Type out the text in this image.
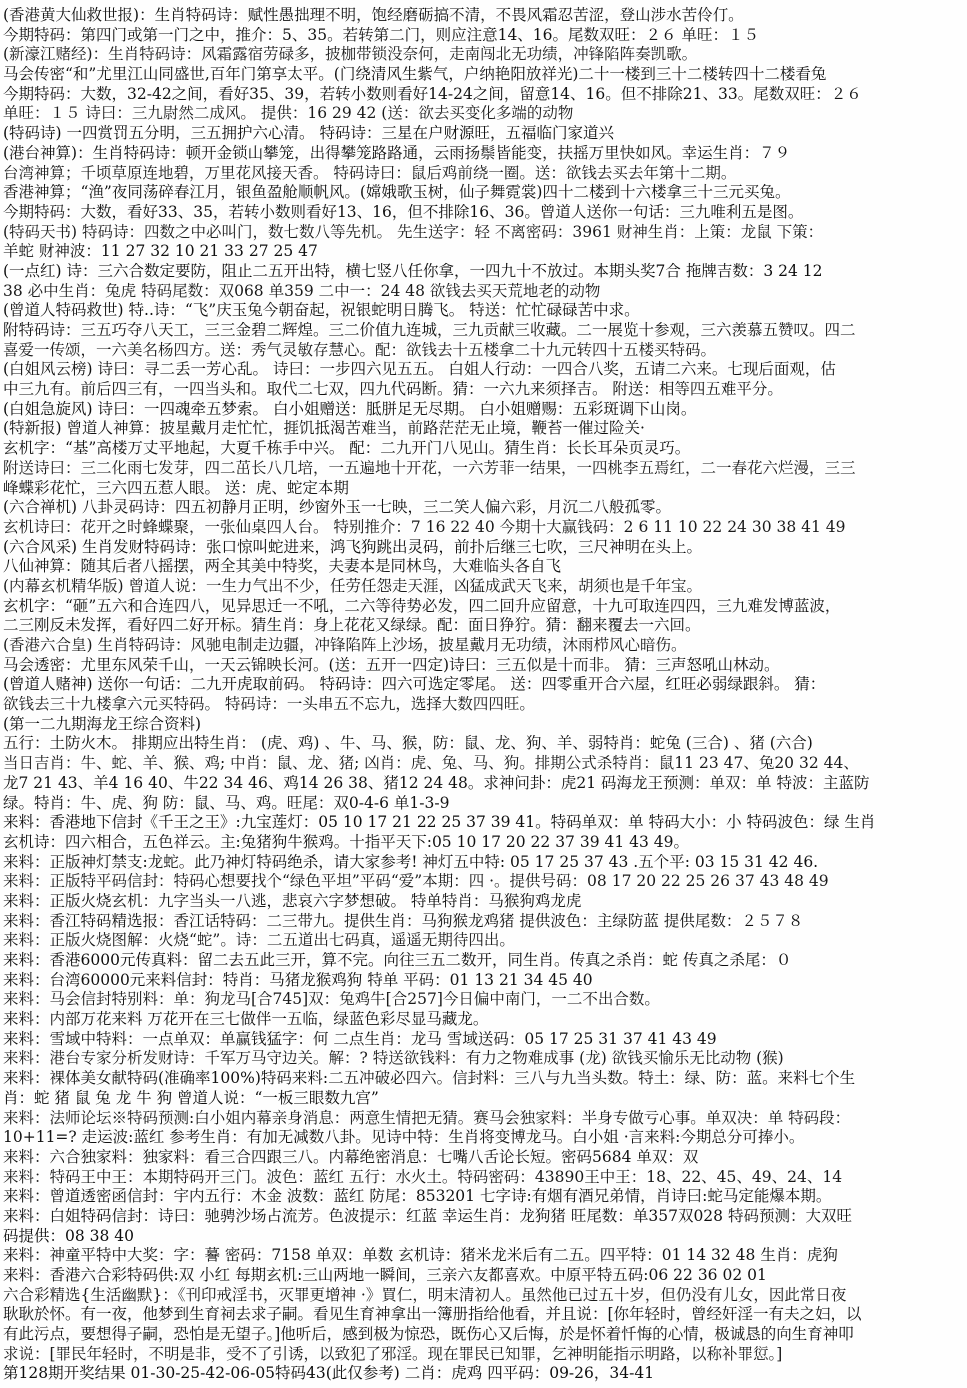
(香港黄大仙救世报)：生肖特码诗：赋性愚拙理不明，饱经磨砺搞不清，不畏风霜忍苦涩，登山涉水苦伶仃。
今期特码：第四门或第一门之中，推介：5、35。若转第二门，则应注意14、16。尾数双旺：２６ 单旺：１５
(新濠江赌经)：生肖特码诗：风霜露宿劳碌多，披枷带锁没奈何，走南闯北无功绩，冲锋陷阵奏凯歌。
马会传密“和”尤里江山同盛世,百年门第享太平。(门绕清风生紫气，户纳艳阳放祥光)二十一楼到三十二楼转四十二楼看兔
今期特码：大数，32-42之间，看好35、39，若转小数则看好14-24之间，留意14、16。但不排除21、33。尾数双旺：２６
单旺：１５ 诗曰：三九尉然二成风。 提供：16 29 42 (送：欲去买变化多端的动物
(特码诗) 一四赏罚五分明，三五拥护六心清。 特码诗：三星在户财源旺，五福临门家道兴
(港台神算)：生肖特码诗：顿开金锁山攀笼，出得攀笼路路通，云雨扬鬃皆能变，扶摇万里快如风。幸运生肖：７９
台湾神算；千顷草原连地碧，万里花风接天香。 特码诗曰：鼠后鸡前绕一圈。送：欲钱去买去年第十二期。
香港神算；“渔”夜同荡碎春江月，银鱼盈舱顺帆风。(嫦娥歌玉树，仙子舞霓裳)四十二楼到十六楼拿三十三元买兔。
今期特码：大数，看好33、35，若转小数则看好13、16，但不排除16、36。曾道人送你一句话：三九唯利五是图。
(特码天书) 特码诗：四数之中必叫门，数七数八等先机。 先生送字：轻 不离密码：3961 财神生肖：上策：龙鼠 下策：
羊蛇 财神波：11 27 32 10 21 33 27 25 47
(一点红) 诗：三六合数定要防，阻止二五开出特，横七竖八任你拿，一四九十不放过。本期头奖7合 拖牌吉数：3 24 12
38 必中生肖：兔虎 特码尾数：双068 单359 二中一：24 48 欲钱去买天荒地老的动物
(曾道人特码救世) 特..诗：“飞”庆玉兔今朝奋起，祝银蛇明日腾飞。 特送：忙忙碌碌苦中求。
附特码诗：三五巧夺八天工，三三金碧二辉煌。三二价值九连城，三九贡献三收藏。二一展览十参观，三六羡慕五赞叹。四二
喜爱一传颂，一六美名杨四方。送：秀气灵敏存慧心。配：欲钱去十五楼拿二十九元转四十五楼买特码。
(白姐风云榜) 诗曰：寻二丢一芳心乱。 诗曰：一步四六见五五。 白姐人行动：一四合八奖，五请二六来。七现后面观，估
中三九有。前后四三有，一四当头和。取代二七双，四九代码断。猜：一六九来须择吉。 附送：相等四五难平分。
(白姐急旋风) 诗曰：一四魂牵五梦索。 白小姐赠送：胝胼足无尽期。 白小姐赠赐：五彩斑调下山岗。
(特新报) 曾道人神算：披星戴月走忙忙，捱饥抵渴苦难当，前路茫茫无止境，鞭苔一催过险关·
玄机字：“基”高楼万丈平地起，大夏千栋手中兴。 配：二九开门八见山。猜生肖：长长耳朵页灵巧。
附送诗曰：三二化雨七发芽，四二茁长八几培，一五遍地十开花，一六芳菲一结果，一四桃李五焉红，二一春花六烂漫，三三
峰蝶彩花忙，三六四五惹人眼。 送：虎、蛇定本期
(六合禅机) 八卦灵码诗：四五初静月正明，纱窗外玉一七映，三二笑人偏六彩，月沉二八般孤零。
玄机诗曰：花开之时蜂蝶聚，一张仙桌四人台。 特别推介：7 16 22 40 今期十大赢钱码：2 6 11 10 22 24 30 38 41 49
(六合风采) 生肖发财特码诗：张口惊叫蛇进来，鸿飞狗跳出灵码，前扑后继三七吹，三尺神明在头上。
八仙神算：随其后者八摇摆，两全其美中特奖，夫妻本是同林鸟，大难临头各自飞
(内幕玄机精华版) 曾道人说：一生力气出不少，任劳任怨走天涯，凶猛成武天飞来，胡须也是千年宝。
玄机字：“砸”五六和合连四八，见异思迁一不吼，二六等待势必发，四二回升应留意，十九可取连四四，三九难发博蓝波，
二三刚反未发挥，看好四二好开标。猜生肖：身上花花又绿绿。配：面日狰狞。猜：翻来覆去一六回。
(香港六合皇) 生肖特码诗：风驰电制走边疆，冲锋陷阵上沙场，披星戴月无功绩，沐雨栉风心暗伤。
马会透密：尤里东风荣千山，一天云锦映长河。(送：五开一四定)诗曰：三五似是十而非。 猜：三声怒吼山林动。
(曾道人赌神) 送你一句话：二九开虎取前码。 特码诗：四六可选定零尾。 送：四零重开合六屋，红旺必弱绿跟斜。 猜：
欲钱去三十九楼拿六元买特码。 特码诗：一头串五不忘九，选择大数四四旺。
(第一二九期海龙王综合资料)
五行：土防火木。 排期应出特生肖： (虎、鸡) 、牛、马、猴，防：鼠、龙、狗、羊、弱特肖：蛇兔 (三合) 、猪 (六合)
当日吉肖：牛、蛇、羊、猴、鸡; 中肖：鼠、龙、猪; 凶肖：虎、兔、马、狗。排期公式杀特肖：鼠11 23 47、兔20 32 44、
龙7 21 43、羊4 16 40、牛22 34 46、鸡14 26 38、猪12 24 48。求神问卦：虎21 码海龙王预测：单双：单 特波：主蓝防
绿。特肖：牛、虎、狗 防：鼠、马、鸡。旺尾：双0-4-6 单1-3-9
来料：香港地下信封《千王之王》:九宝莲灯：05 10 17 21 22 25 37 39 41。特码单双：单 特码大小：小 特码波色：绿 生肖
玄机诗：四六相合，五色祥云。主:兔猪狗牛猴鸡。十指平天下:05 10 17 20 22 37 39 41 43 49。
来料：正版神灯禁支:龙蛇。此乃神灯特码绝杀，请大家参考! 神灯五中特: 05 17 25 37 43 .五个平: 03 15 31 42 46.
来料：正版特平码信封：特码心想要找个“绿色平坦”平码“爱”本期：四 ·。提供号码：08 17 20 22 25 26 37 43 48 49
来料：正版火烧玄机：九字当头一八逃，悲哀六字梦想破。 特单特肖：马猴狗鸡龙虎
来料：香江特码精选报：香江话特码：二三带九。提供生肖：马狗猴龙鸡猪 提供波色：主绿防蓝 提供尾数：２５７８
来料：正版火烧图解：火烧“蛇”。诗：二五道出七码真，遥遥无期待四出。
来料：香港6000元传真料：留二去五此三开，算不完。向往三五二数开，同生肖。传真之杀肖：蛇 传真之杀尾：０
来料：台湾60000元来料信封：特肖：马猪龙猴鸡狗 特单 平码：01 13 21 34 45 40
来料：马会信封特别料：单：狗龙马[合745]双：兔鸡牛[合257]今日偏中南门，一二不出合数。
来料：内部万花来料 万花开在三七做伴一五临，绿蓝色彩尽显马藏龙。
来料：雪域中特料：一点单双：单赢钱猛字：何 二点生肖：龙马 雪域送码：05 17 25 31 37 41 43 49
来料：港台专家分析发财诗：千军万马守边关。解：? 特送欲钱料：有力之物难成事 (龙) 欲钱买愉乐无比动物 (猴)
来料：裸体美女献特码(准确率100%)特码来料:二五冲破必四六。信封料：三八与九当头数。特土：绿、防：蓝。来料七个生
肖：蛇 猪 鼠 兔 龙 牛 狗 曾道人说：“一板三眼数九宫”
来料：法师论坛※特码预测:白小姐内幕亲身消息：两意生情把无猜。赛马会独家料：半身专做亏心事。单双决：单 特码段：
10+11=? 走运波:蓝红 参考生肖：有加无减数八卦。见诗中特：生肖将变博龙马。白小姐 ·言来料:今期总分可捧小。
来料：六合独家料：独家料：看三合四跟三八。内幕绝密消息：七嘴八舌论长短。密码5684 单双：双
来料：特码王中王：本期特码开三门。波色：蓝红 五行：水火土。特码密码：43890王中王：18、22、45、49、24、14
来料：曾道透密函信封：宇内五行：木金 波数：蓝红 防尾：853201 七字诗:有烟有酒兄弟情，肖诗曰:蛇马定能爆本期。
来料：白姐特码信封：诗曰：驰骋沙场占流芳。色波提示：红蓝 幸运生肖：龙狗猪 旺尾数：单357双028 特码预测：大双旺
码提供：08 38 40
来料：神童平特中大奖：字：謩 密码：7158 单双：单数 玄机诗：猪米龙米后有二五。四平特：01 14 32 48 生肖：虎狗
来料：香港六合彩特码供:双 小红 每期玄机:三山两地一瞬间，三亲六友都喜欢。中原平特五码:06 22 36 02 01
六合彩精选{生活幽默}：《刊印戒淫书，灭罪更增神 ·》買仁，明末清初人。虽然他已过五十岁，但仍没有儿女，因此常日夜
耿耿於怀。有一夜，他梦到生育祠去求子嗣。看见生育神拿出一簿册指给他看，并且说：[你年轻时，曾经奸淫一有夫之妇，以
有此污点，要想得子嗣，恐怕是无望子。]他听后，感到极为惊恐，既伤心又后悔，於是怀着忏悔的心情，极诚恳的向生育神叩
求说：[罪民年轻时，不明是非，受不了引诱，以致犯了邪淫。现在罪民已知罪，乞神明能指示明路，以称补罪愆。]
第128期开奖结果 01-30-25-42-06-05特码43(此仅参考) 二肖：虎鸡 四平码：09-26，34-41
